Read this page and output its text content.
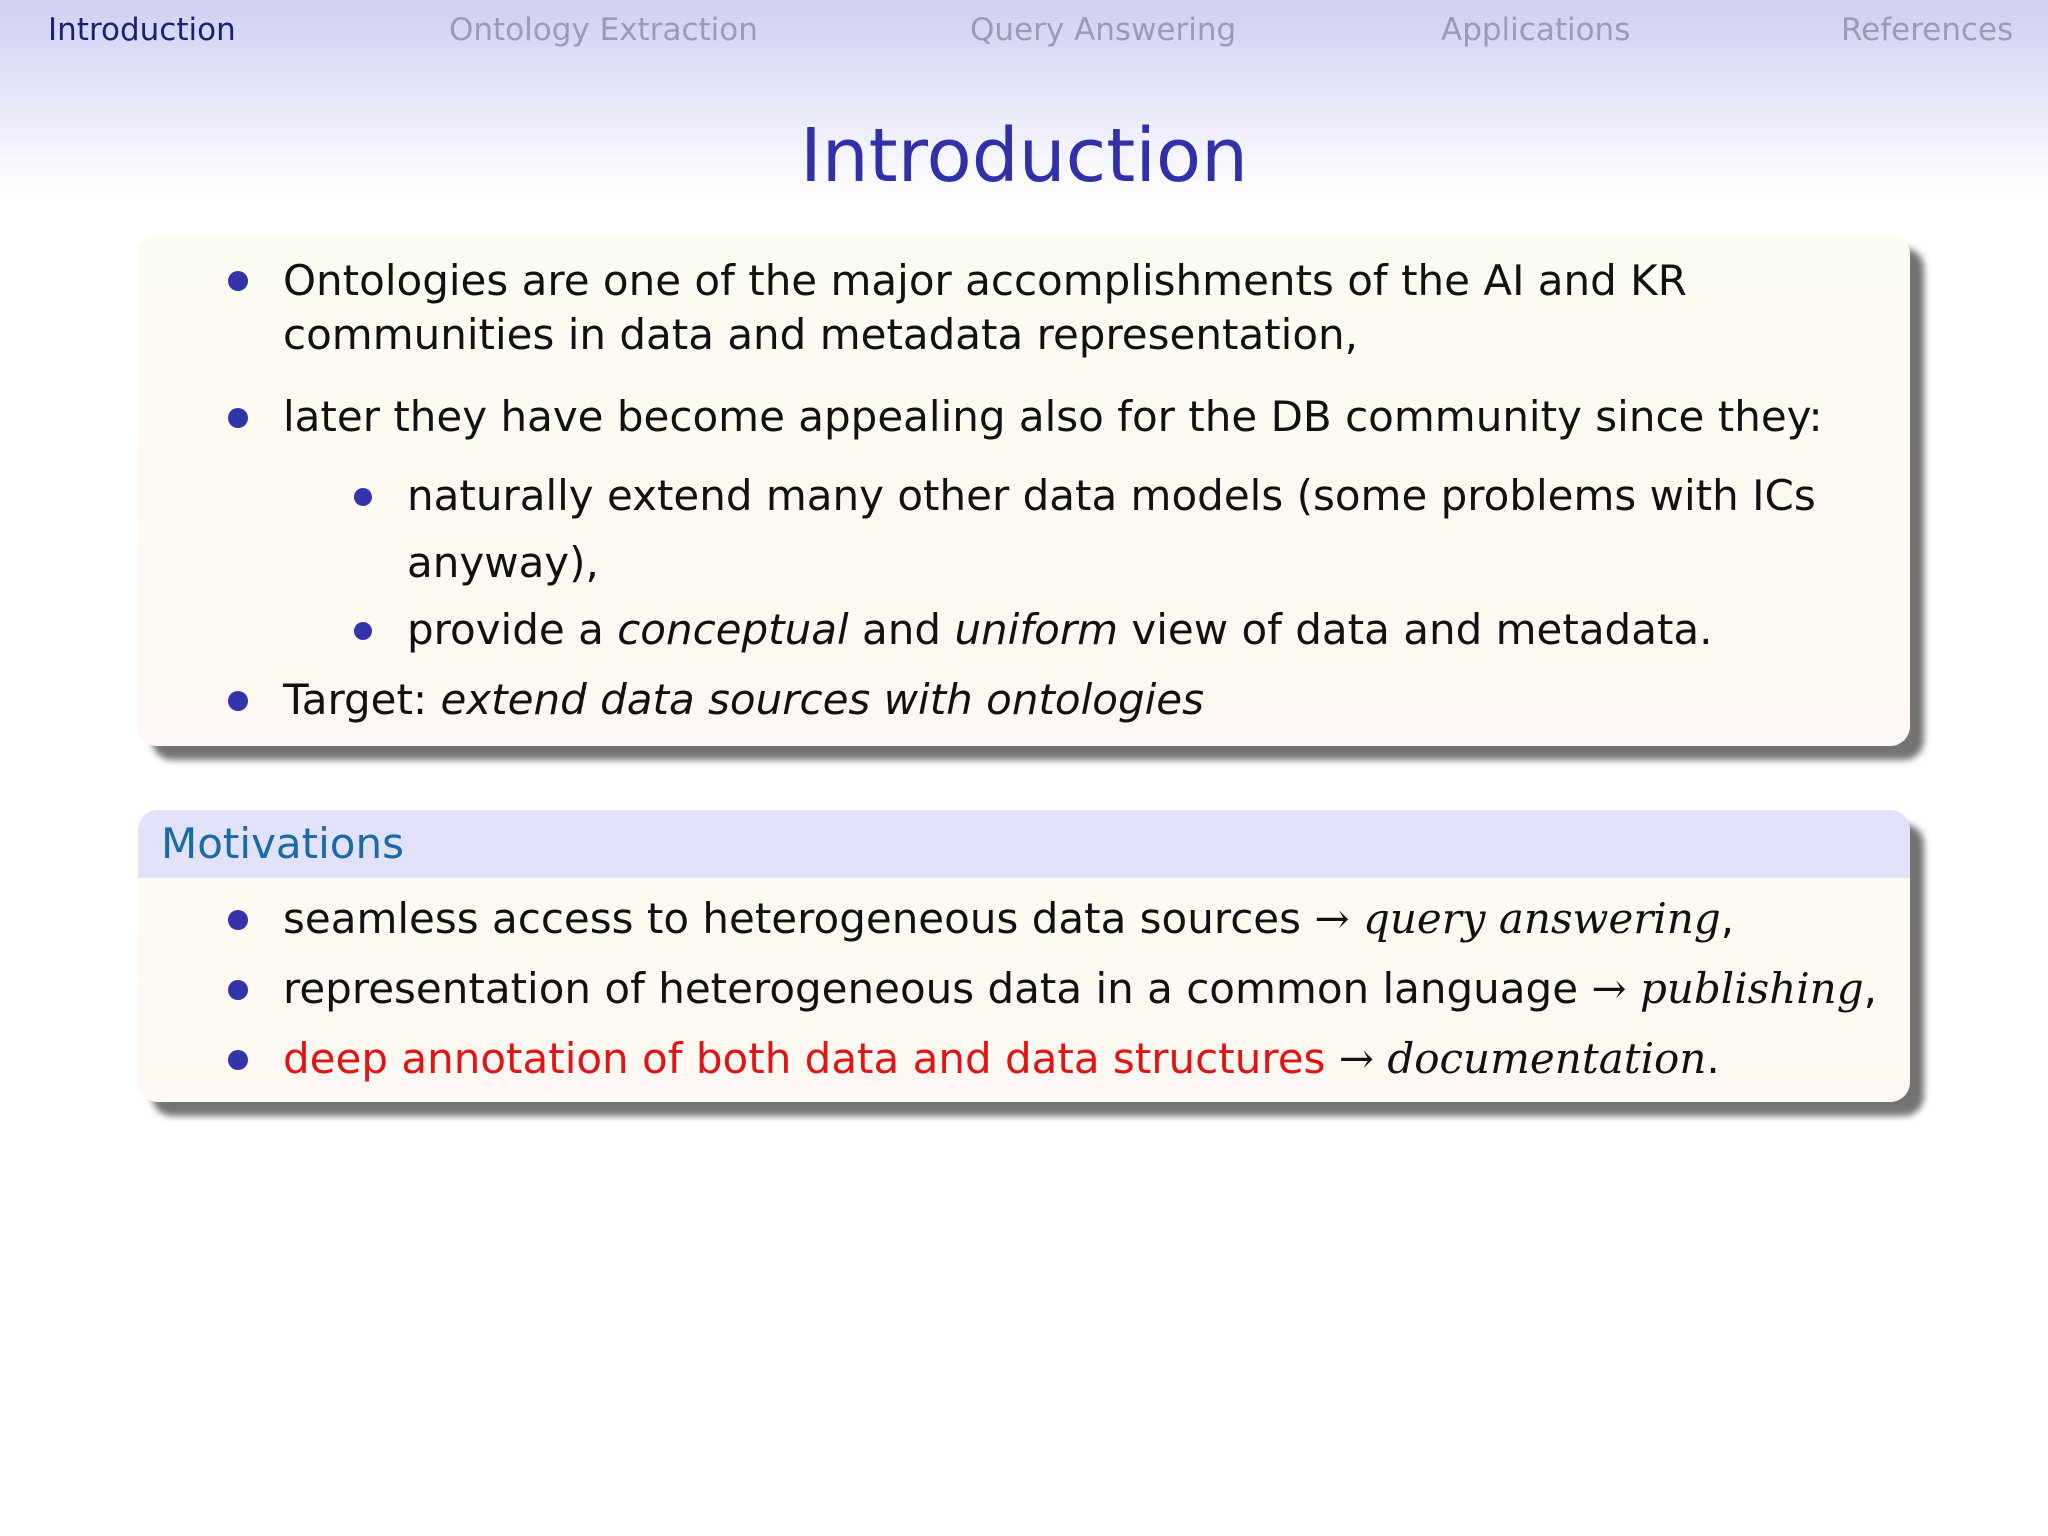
Introduction	Ontology Extraction	Query Answering	Applications	References
Introduction
Ontologies are one of the major accomplishments of the AI and KR
communities in data and metadata representation,
later they have become appealing also for the DB community since they:
naturally extend many other data models (some problems with ICs
anyway),
provide a conceptual and uniform view of data and metadata.
Target: extend data sources with ontologies
Motivations
seamless access to heterogeneous data sources → query answering,
representation of heterogeneous data in a common language → publishing,
deep annotation of both data and data structures → documentation.
